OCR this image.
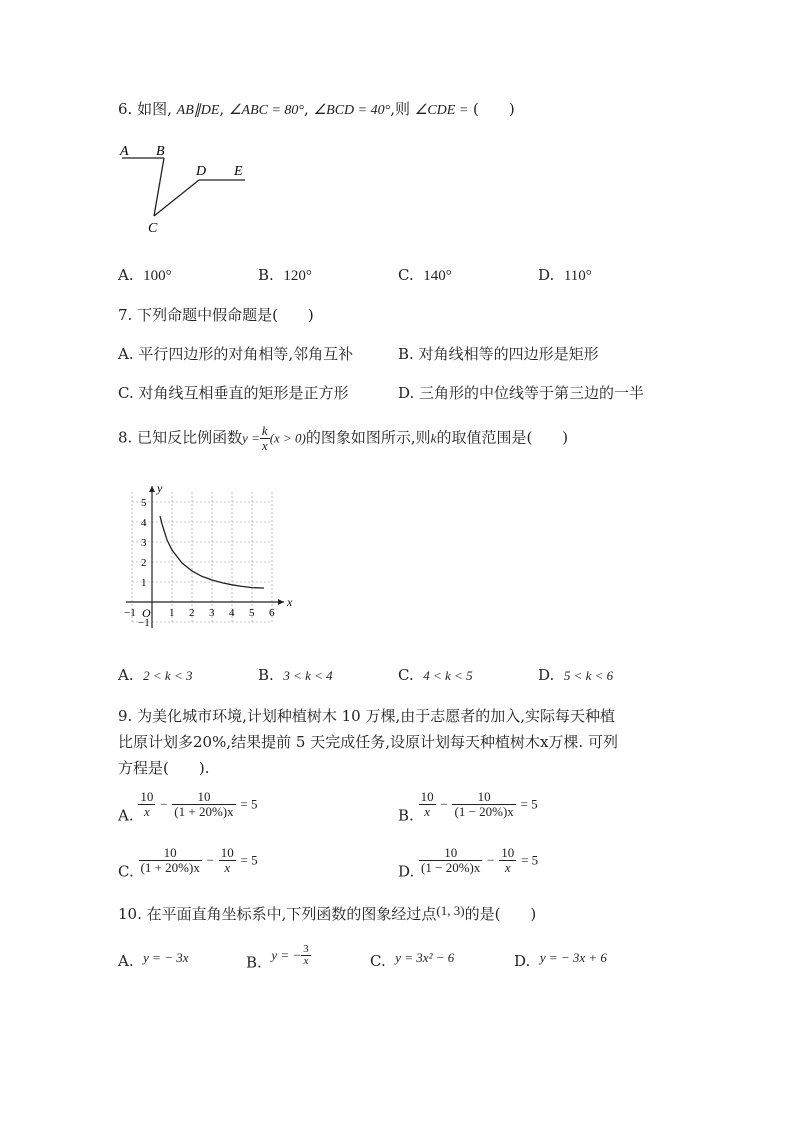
6. 如图, AB∥DE, ∠ABC = 80°, ∠BCD = 40°,则 ∠CDE = (　　)
A B
D E
C
A. 100°	B. 120°	C. 140°	D. 110°
7. 下列命题中假命题是(　　)
A. 平行四边形的对角相等,邻角互补	B. 对角线相等的四边形是矩形
C. 对角线互相垂直的矩形是正方形	D. 三角形的中位线等于第三边的一半
8. 已知反比例函数$y = \frac{k}{x} (x > 0)$的图象如图所示,则k的取值范围是(　　)
x
y
O
−1	1 2 3 4 5 6
5
4
3
2
1
−1
A. 2 < k < 3	B. 3 < k < 4	C. 4 < k < 5	D. 5 < k < 6
9. 为美化城市环境,计划种植树木 10 万棵,由于志愿者的加入,实际每天种植
比原计划多20%,结果提前 5 天完成任务,设原计划每天种植树木x万棵. 可列
方程是(　　).
A. $\frac{10}{x} - \frac{10}{(1 + 20\%)x} = 5$
B. $\frac{10}{x} - \frac{10}{(1 - 20\%)x} = 5$
C. $\frac{10}{(1 + 20\%)x} - \frac{10}{x} = 5$
D. $\frac{10}{(1 - 20\%)x} - \frac{10}{x} = 5$
10. 在平面直角坐标系中,下列函数的图象经过点(1, 3)的是(　　)
A. y = − 3x	B. y = − $\frac{3}{x}$	C. y = 3x² − 6	D. y = − 3x + 6
